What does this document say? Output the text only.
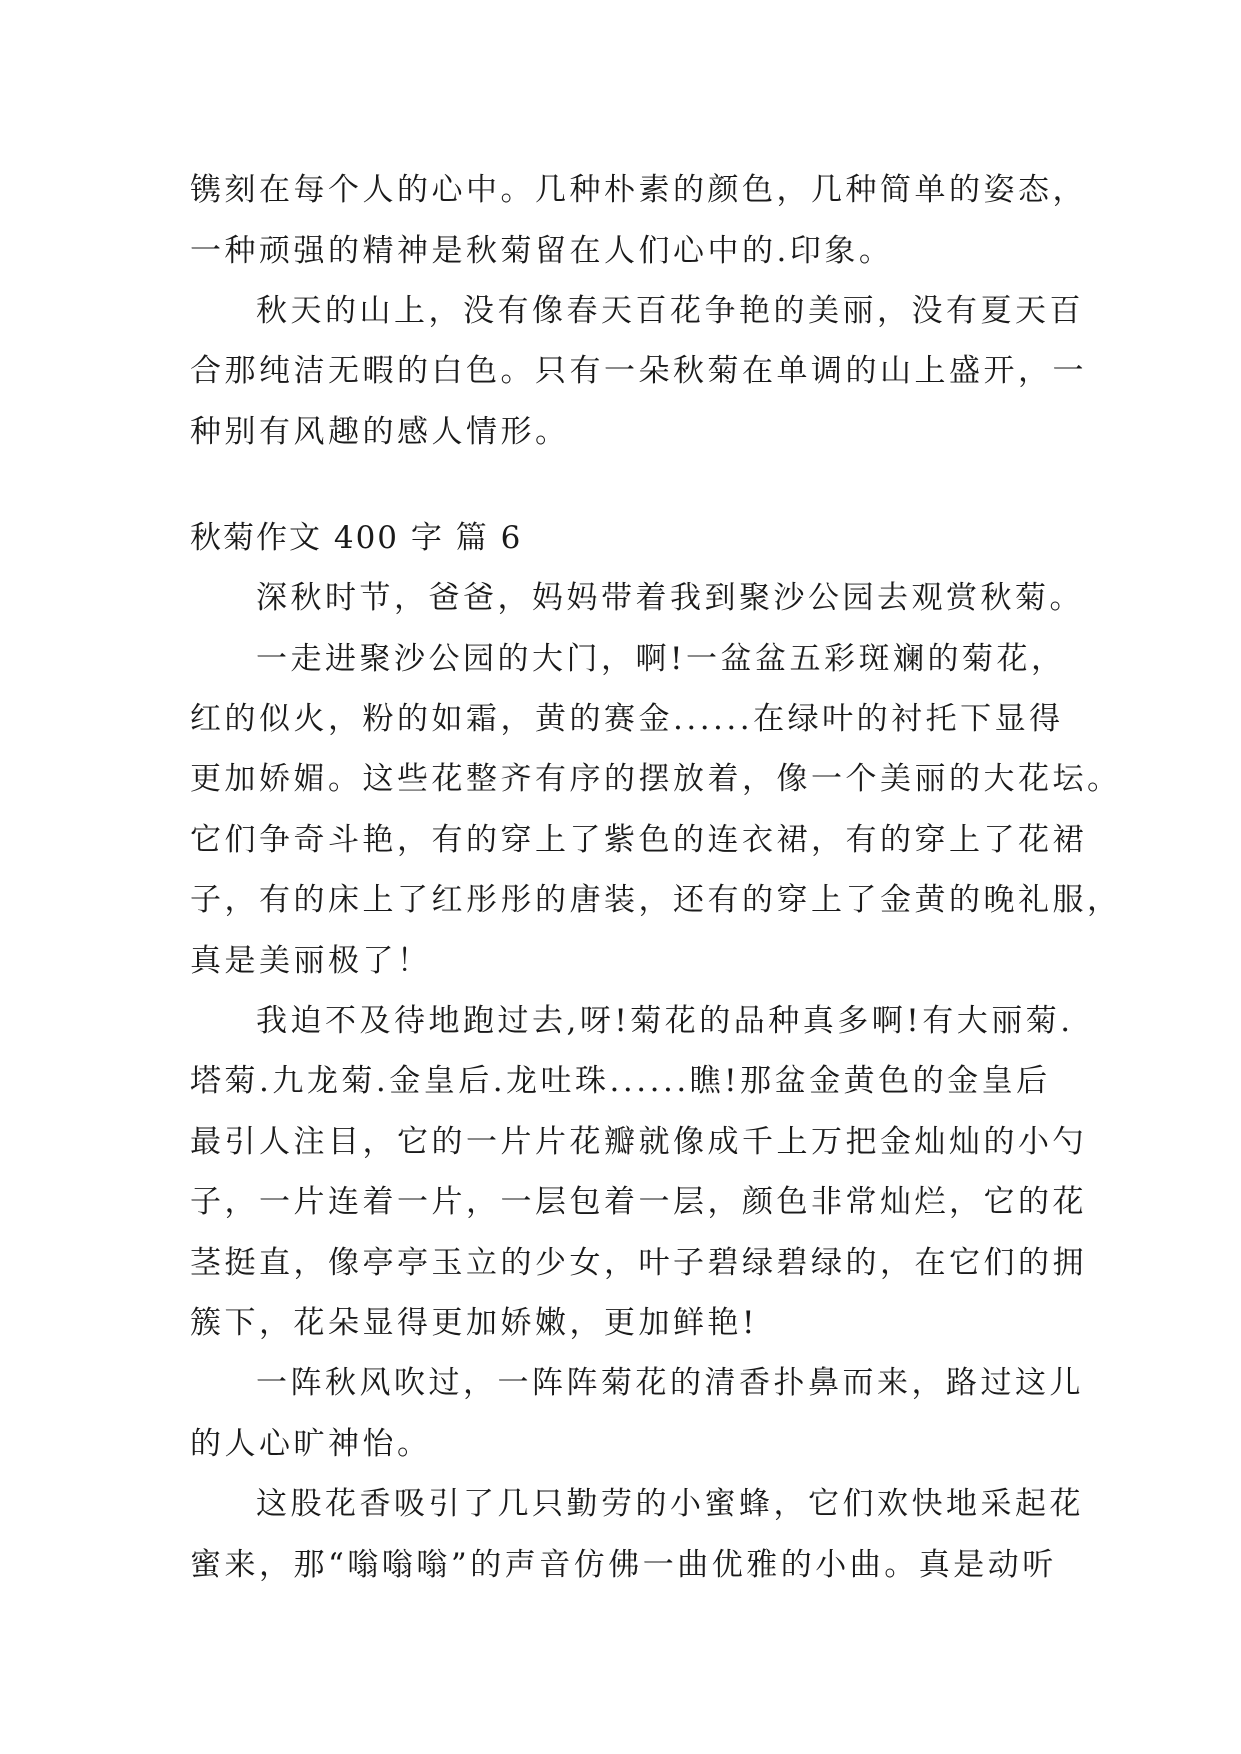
镌刻在每个人的心中。几种朴素的颜色，几种简单的姿态，
一种顽强的精神是秋菊留在人们心中的.印象。
秋天的山上，没有像春天百花争艳的美丽，没有夏天百
合那纯洁无暇的白色。只有一朵秋菊在单调的山上盛开，一
种别有风趣的感人情形。
秋菊作文 400 字 篇 6
深秋时节，爸爸，妈妈带着我到聚沙公园去观赏秋菊。
一走进聚沙公园的大门，啊!一盆盆五彩斑斓的菊花，
红的似火，粉的如霜，黄的赛金......在绿叶的衬托下显得
更加娇媚。这些花整齐有序的摆放着，像一个美丽的大花坛。
它们争奇斗艳，有的穿上了紫色的连衣裙，有的穿上了花裙
子，有的床上了红彤彤的唐装，还有的穿上了金黄的晚礼服，
真是美丽极了！
我迫不及待地跑过去,呀!菊花的品种真多啊!有大丽菊.
塔菊.九龙菊.金皇后.龙吐珠......瞧!那盆金黄色的金皇后
最引人注目，它的一片片花瓣就像成千上万把金灿灿的小勺
子，一片连着一片，一层包着一层，颜色非常灿烂，它的花
茎挺直，像亭亭玉立的少女，叶子碧绿碧绿的，在它们的拥
簇下，花朵显得更加娇嫩，更加鲜艳!
一阵秋风吹过，一阵阵菊花的清香扑鼻而来，路过这儿
的人心旷神怡。
这股花香吸引了几只勤劳的小蜜蜂，它们欢快地采起花
蜜来，那“嗡嗡嗡”的声音仿佛一曲优雅的小曲。真是动听
